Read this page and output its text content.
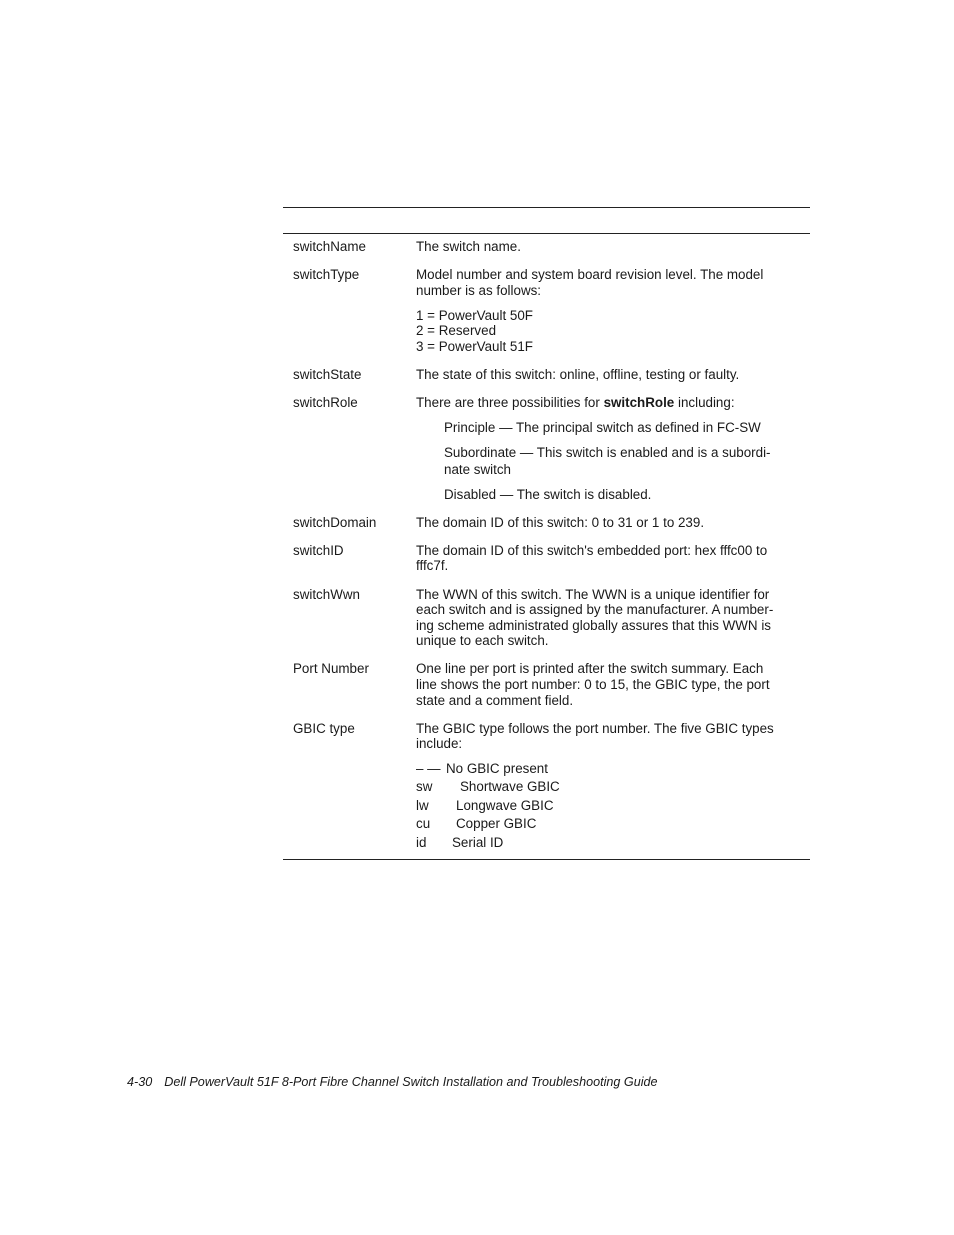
switchName	The switch name.
switchType	Model number and system board revision level. The model
number is as follows:
1 = PowerVault 50F
2 = Reserved
3 = PowerVault 51F
switchState	The state of this switch: online, offline, testing or faulty.
switchRole	There are three possibilities for switchRole including:
Principle — The principal switch as defined in FC-SW
Subordinate — This switch is enabled and is a subordi-
nate switch
Disabled — The switch is disabled.
switchDomain	The domain ID of this switch: 0 to 31 or 1 to 239.
switchID	The domain ID of this switch's embedded port: hex fffc00 to
fffc7f.
switchWwn	The WWN of this switch. The WWN is a unique identifier for
each switch and is assigned by the manufacturer. A number-
ing scheme administrated globally assures that this WWN is
unique to each switch.
Port Number	One line per port is printed after the switch summary. Each
line shows the port number: 0 to 15, the GBIC type, the port
state and a comment field.
GBIC type	The GBIC type follows the port number. The five GBIC types
include:
– — No GBIC present
sw Shortwave GBIC
lw Longwave GBIC
cu Copper GBIC
id Serial ID
4-30 Dell PowerVault 51F 8-Port Fibre Channel Switch Installation and Troubleshooting Guide
